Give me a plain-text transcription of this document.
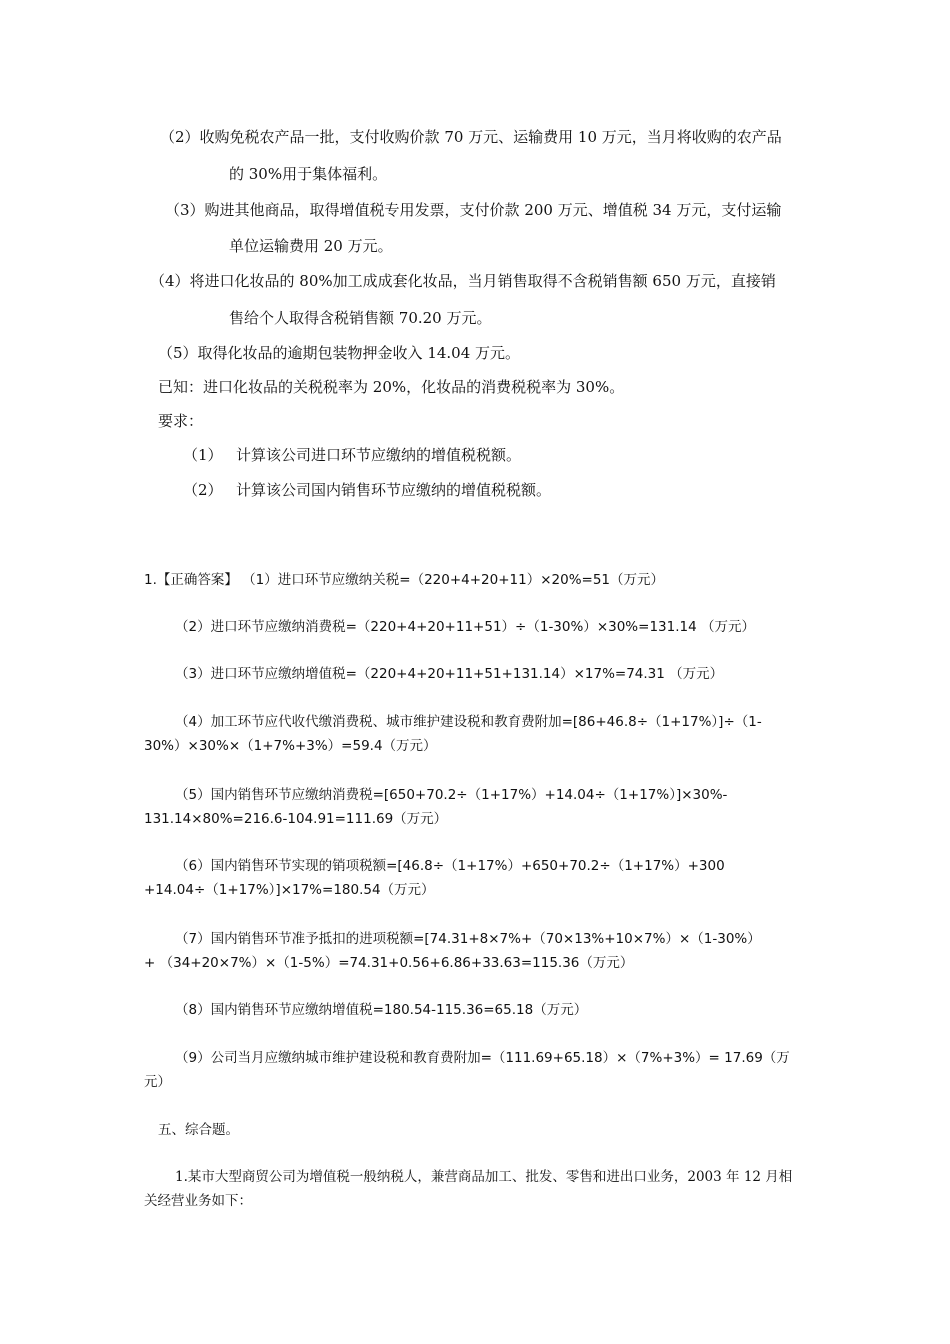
（2）收购免税农产品一批，支付收购价款 70 万元、运输费用 10 万元，当月将收购的农产品

的 30%用于集体福利。

（3）购进其他商品，取得增值税专用发票，支付价款 200 万元、增值税 34 万元，支付运输

单位运输费用 20 万元。

（4）将进口化妆品的 80%加工成成套化妆品，当月销售取得不含税销售额 650 万元，直接销

售给个人取得含税销售额 70.20 万元。

（5）取得化妆品的逾期包装物押金收入 14.04 万元。

已知：进口化妆品的关税税率为 20%，化妆品的消费税税率为 30%。

要求：

（1） 计算该公司进口环节应缴纳的增值税税额。

（2） 计算该公司国内销售环节应缴纳的增值税税额。

1.【正确答案】 （1）进口环节应缴纳关税=（220+4+20+11）×20%=51（万元）

（2）进口环节应缴纳消费税=（220+4+20+11+51）÷（1-30%）×30%=131.14 （万元）

（3）进口环节应缴纳增值税=（220+4+20+11+51+131.14）×17%=74.31 （万元）

（4）加工环节应代收代缴消费税、城市维护建设税和教育费附加=[86+46.8÷（1+17%）]÷（1-

30%）×30%×（1+7%+3%）=59.4（万元）

（5）国内销售环节应缴纳消费税=[650+70.2÷（1+17%）+14.04÷（1+17%）]×30%-

131.14×80%=216.6-104.91=111.69（万元）

（6）国内销售环节实现的销项税额=[46.8÷（1+17%）+650+70.2÷（1+17%）+300

+14.04÷（1+17%）]×17%=180.54（万元）

（7）国内销售环节准予抵扣的进项税额=[74.31+8×7%+（70×13%+10×7%）×（1-30%）

+ （34+20×7%）×（1-5%）=74.31+0.56+6.86+33.63=115.36（万元）

（8）国内销售环节应缴纳增值税=180.54-115.36=65.18（万元）

（9）公司当月应缴纳城市维护建设税和教育费附加=（111.69+65.18）×（7%+3%）= 17.69（万

元）

五、综合题。

1.某市大型商贸公司为增值税一般纳税人，兼营商品加工、批发、零售和进出口业务，2003 年 12 月相

关经营业务如下：
